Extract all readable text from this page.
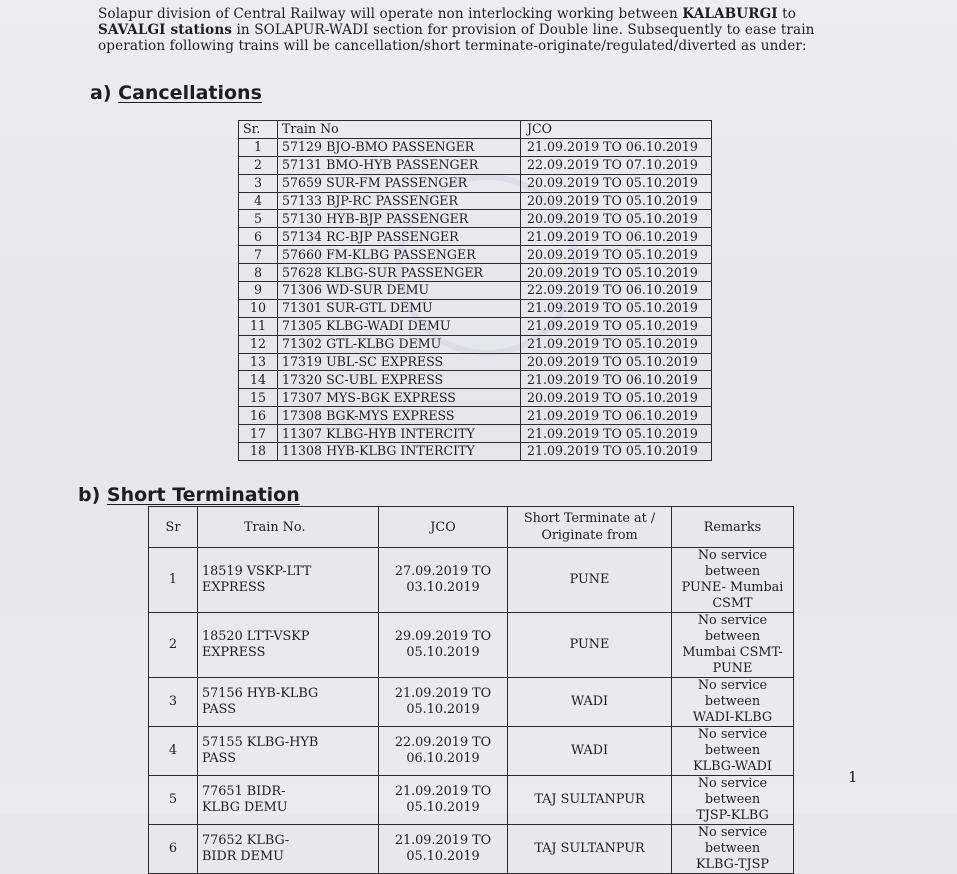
Solapur division of Central Railway will operate non interlocking working between KALABURGI to SAVALGI stations in SOLAPUR-WADI section for provision of Double line. Subsequently to ease train operation following trains will be cancellation/short terminate-originate/regulated/diverted as under:

a) Cancellations
Sr.	Train No	JCO
1	57129 BJO-BMO PASSENGER	21.09.2019 TO 06.10.2019
2	57131 BMO-HYB PASSENGER	22.09.2019 TO 07.10.2019
3	57659 SUR-FM PASSENGER	20.09.2019 TO 05.10.2019
4	57133 BJP-RC PASSENGER	20.09.2019 TO 05.10.2019
5	57130 HYB-BJP PASSENGER	20.09.2019 TO 05.10.2019
6	57134 RC-BJP PASSENGER	21.09.2019 TO 06.10.2019
7	57660 FM-KLBG PASSENGER	20.09.2019 TO 05.10.2019
8	57628 KLBG-SUR PASSENGER	20.09.2019 TO 05.10.2019
9	71306 WD-SUR DEMU	22.09.2019 TO 06.10.2019
10	71301 SUR-GTL DEMU	21.09.2019 TO 05.10.2019
11	71305 KLBG-WADI DEMU	21.09.2019 TO 05.10.2019
12	71302 GTL-KLBG DEMU	21.09.2019 TO 05.10.2019
13	17319 UBL-SC EXPRESS	20.09.2019 TO 05.10.2019
14	17320 SC-UBL EXPRESS	21.09.2019 TO 06.10.2019
15	17307 MYS-BGK EXPRESS	20.09.2019 TO 05.10.2019
16	17308 BGK-MYS EXPRESS	21.09.2019 TO 06.10.2019
17	11307 KLBG-HYB INTERCITY	21.09.2019 TO 05.10.2019
18	11308 HYB-KLBG INTERCITY	21.09.2019 TO 05.10.2019
b) Short Termination
Sr	Train No.	JCO	Short Terminate at / Originate from	Remarks
1	18519 VSKP-LTT
EXPRESS	27.09.2019 TO
03.10.2019	PUNE	No service between
PUNE- Mumbai CSMT
2	18520 LTT-VSKP
EXPRESS	29.09.2019 TO
05.10.2019	PUNE	No service between
Mumbai CSMT- PUNE
3	57156 HYB-KLBG
PASS	21.09.2019 TO
05.10.2019	WADI	No service between
WADI-KLBG
4	57155 KLBG-HYB
PASS	22.09.2019 TO
06.10.2019	WADI	No service between
KLBG-WADI
5	77651 BIDR-
KLBG DEMU	21.09.2019 TO
05.10.2019	TAJ SULTANPUR	No service between
TJSP-KLBG
6	77652 KLBG-
BIDR DEMU	21.09.2019 TO
05.10.2019	TAJ SULTANPUR	No service between
KLBG-TJSP
1
